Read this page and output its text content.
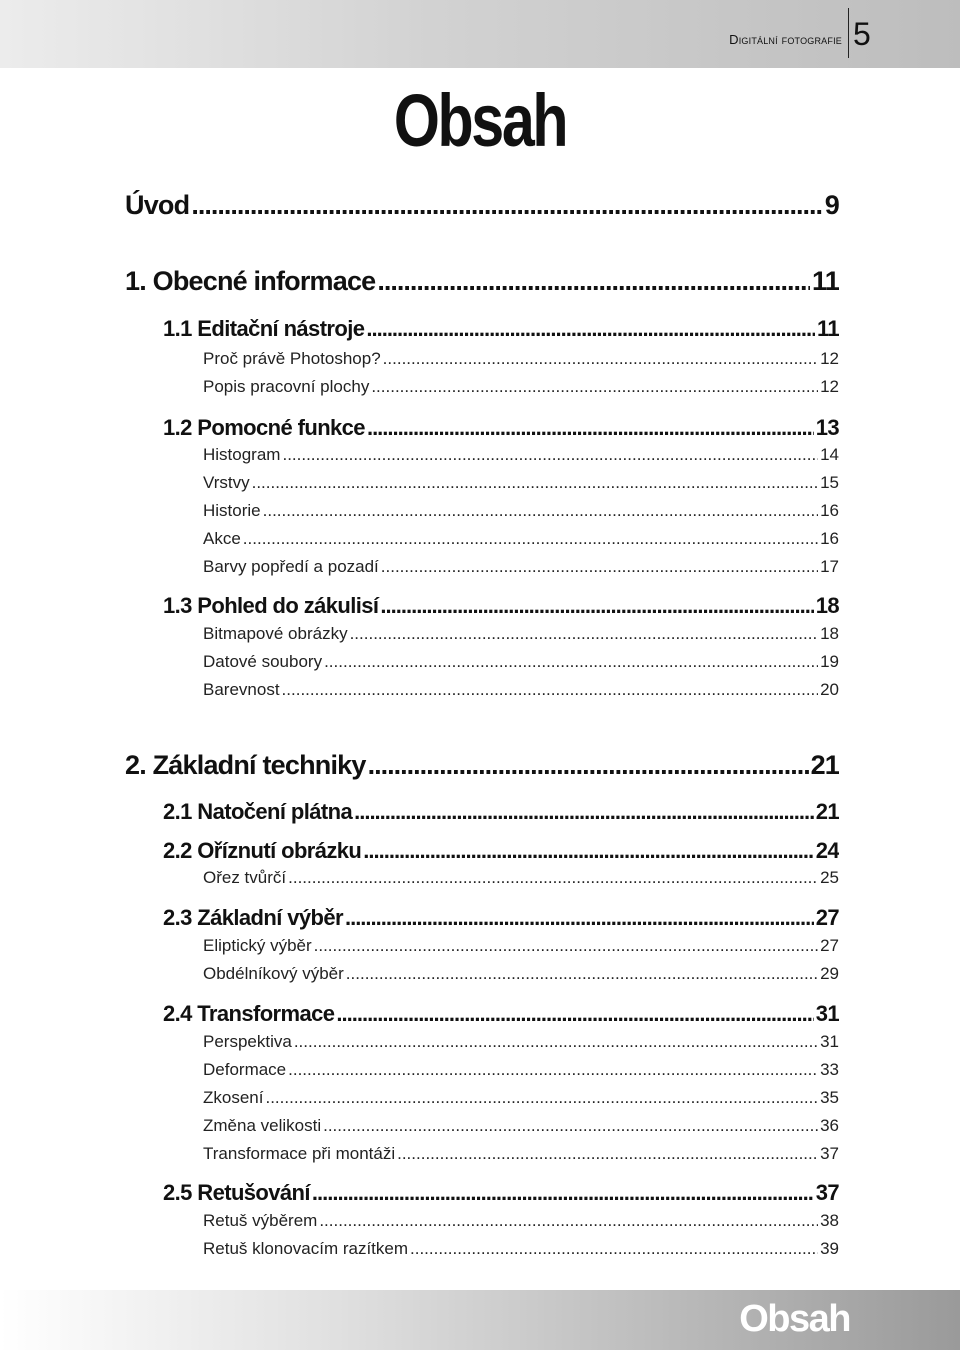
Digitální fotografie 5
Obsah
Úvod .....	9
1. Obecné informace .....	11
1.1 Editační nástroje .....	11
Proč právě Photoshop? .....	12
Popis pracovní plochy .....	12
1.2 Pomocné funkce .....	13
Histogram .....	14
Vrstvy .....	15
Historie .....	16
Akce .....	16
Barvy popředí a pozadí .....	17
1.3 Pohled do zákulisí .....	18
Bitmapové obrázky .....	18
Datové soubory .....	19
Barevnost .....	20
2. Základní techniky .....	21
2.1 Natočení plátna .....	21
2.2 Oříznutí obrázku .....	24
Ořez tvůrčí .....	25
2.3 Základní výběr .....	27
Eliptický výběr .....	27
Obdélníkový výběr .....	29
2.4 Transformace .....	31
Perspektiva .....	31
Deformace .....	33
Zkosení .....	35
Změna velikosti .....	36
Transformace při montáži .....	37
2.5 Retušování .....	37
Retuš výběrem .....	38
Retuš klonovacím razítkem .....	39
Obsah
